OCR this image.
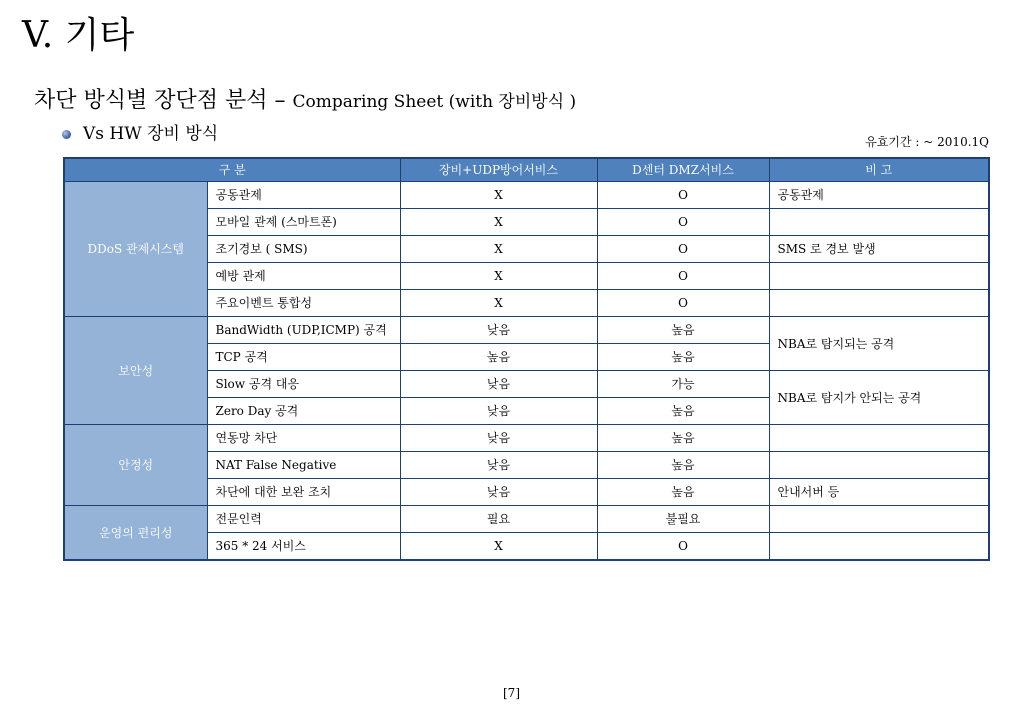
V. 기타
차단 방식별 장단점 분석 – Comparing Sheet (with 장비방식 )
Vs HW 장비 방식	유효기간 : ~ 2010.1Q
구 분		장비+UDP방어서비스	D센터 DMZ서비스	비 고
DDoS 관제시스템	공동관제	X	O	공동관제
	모바일 관제 (스마트폰)	X	O	
	조기경보 ( SMS)	X	O	SMS 로 경보 발생
	예방 관제	X	O	
	주요이벤트 통합성	X	O	
보안성	BandWidth (UDP,ICMP) 공격	낮음	높음	NBA로 탐지되는 공격
	TCP 공격	높음	높음	
	Slow 공격 대응	낮음	가능	NBA로 탐지가 안되는 공격
	Zero Day 공격	낮음	높음	
안정성	연동망 차단	낮음	높음	
	NAT False Negative	낮음	높음	
	차단에 대한 보완 조치	낮음	높음	안내서버 등
운영의 편리성	전문인력	필요	불필요	
	365 * 24 서비스	X	O	
[7]
